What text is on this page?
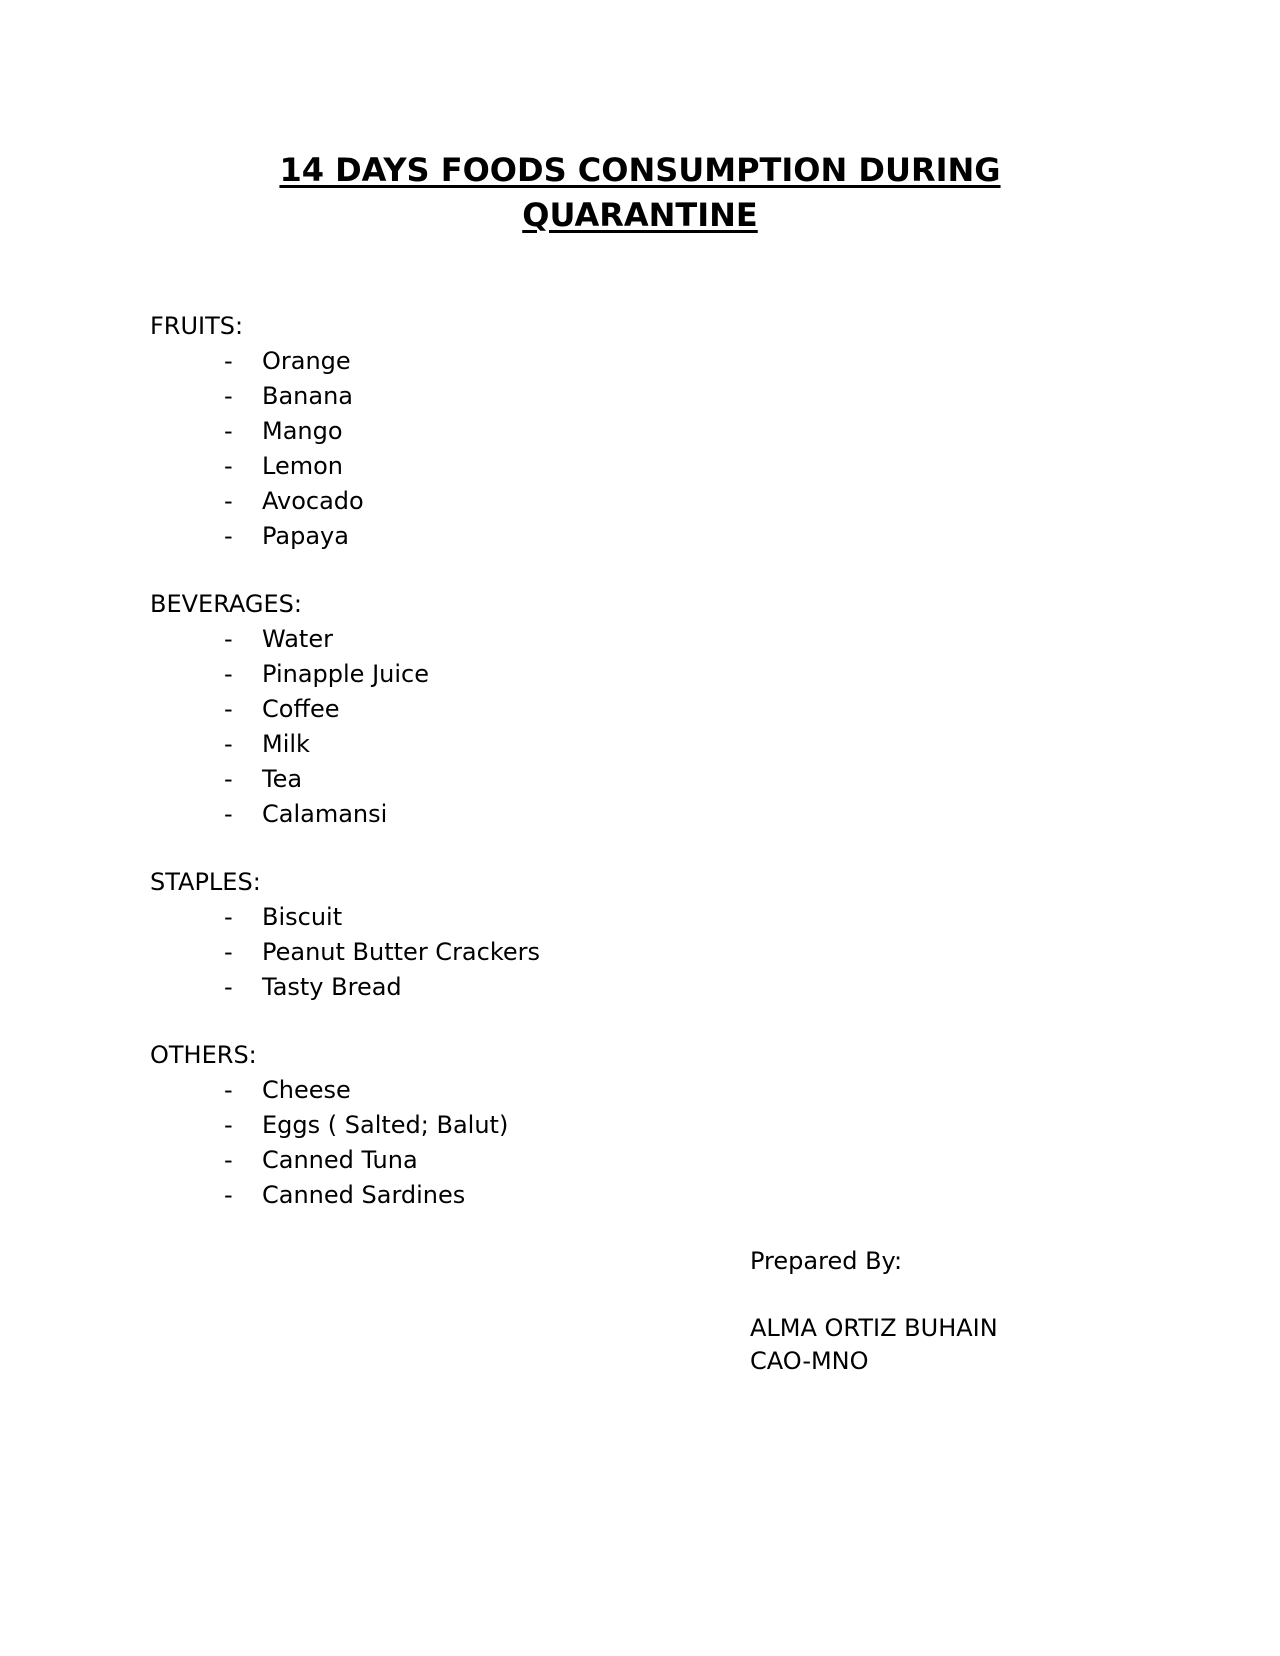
14 DAYS FOODS CONSUMPTION DURING
QUARANTINE

FRUITS:

- Orange
- Banana
- Mango
- Lemon
- Avocado
- Papaya

BEVERAGES:

- Water
- Pinapple Juice
- Coffee
- Milk
- Tea
- Calamansi

STAPLES:

- Biscuit
- Peanut Butter Crackers
- Tasty Bread

OTHERS:

- Cheese
- Eggs ( Salted; Balut)
- Canned Tuna
- Canned Sardines
Prepared By:
ALMA ORTIZ BUHAIN
CAO-MNO
